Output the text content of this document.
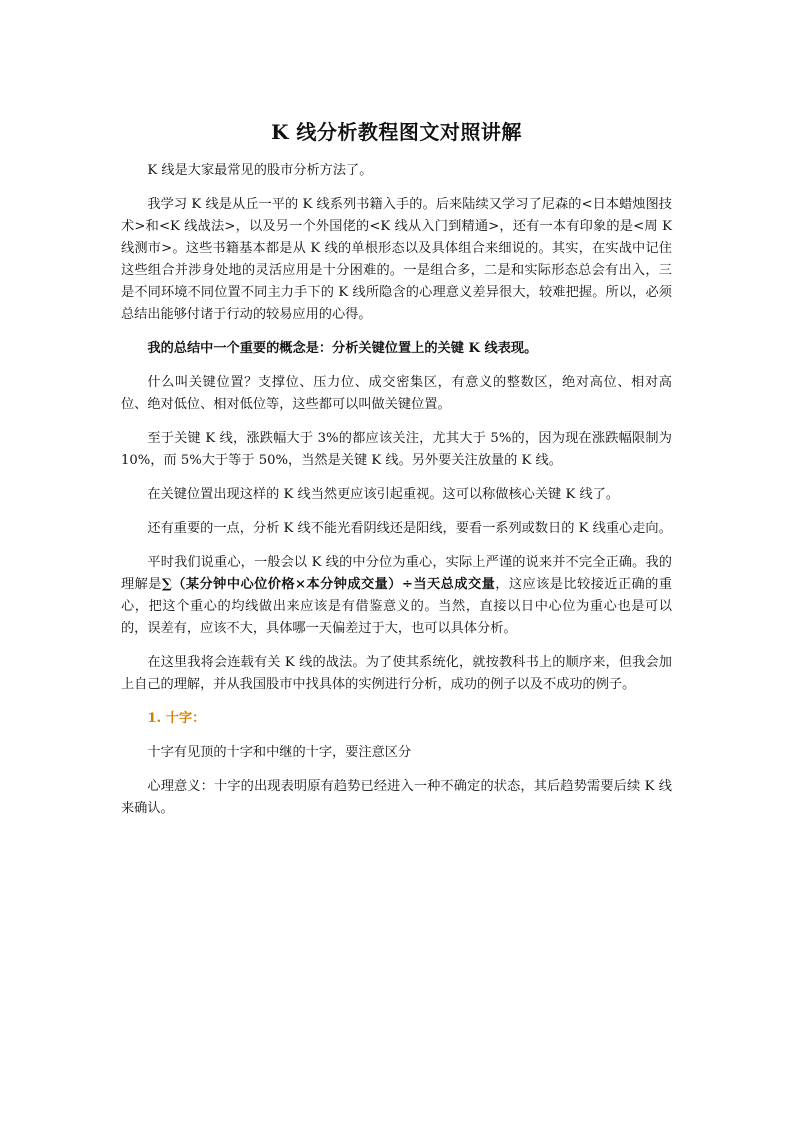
K 线分析教程图文对照讲解

K 线是大家最常见的股市分析方法了。

我学习 K 线是从丘一平的 K 线系列书籍入手的。后来陆续又学习了尼森的<日本蜡烛图技术>和<K 线战法>，以及另一个外国佬的<K 线从入门到精通>，还有一本有印象的是<周 K 线测市>。这些书籍基本都是从 K 线的单根形态以及具体组合来细说的。其实，在实战中记住这些组合并涉身处地的灵活应用是十分困难的。一是组合多，二是和实际形态总会有出入，三是不同环境不同位置不同主力手下的 K 线所隐含的心理意义差异很大，较难把握。所以，必须总结出能够付诸于行动的较易应用的心得。

我的总结中一个重要的概念是：分析关键位置上的关键 K 线表现。

什么叫关键位置？支撑位、压力位、成交密集区，有意义的整数区，绝对高位、相对高位、绝对低位、相对低位等，这些都可以叫做关键位置。

至于关键 K 线，涨跌幅大于 3%的都应该关注，尤其大于 5%的，因为现在涨跌幅限制为 10%，而 5%大于等于 50%，当然是关键 K 线。另外要关注放量的 K 线。

在关键位置出现这样的 K 线当然更应该引起重视。这可以称做核心关键 K 线了。

还有重要的一点，分析 K 线不能光看阴线还是阳线，要看一系列或数日的 K 线重心走向。

平时我们说重心，一般会以 K 线的中分位为重心，实际上严谨的说来并不完全正确。我的理解是∑（某分钟中心位价格×本分钟成交量）÷当天总成交量，这应该是比较接近正确的重心，把这个重心的均线做出来应该是有借鉴意义的。当然，直接以日中心位为重心也是可以的，误差有，应该不大，具体哪一天偏差过于大，也可以具体分析。

在这里我将会连载有关 K 线的战法。为了使其系统化，就按教科书上的顺序来，但我会加上自己的理解，并从我国股市中找具体的实例进行分析，成功的例子以及不成功的例子。

1. 十字：

十字有见顶的十字和中继的十字，要注意区分

心理意义：十字的出现表明原有趋势已经进入一种不确定的状态，其后趋势需要后续 K 线来确认。
